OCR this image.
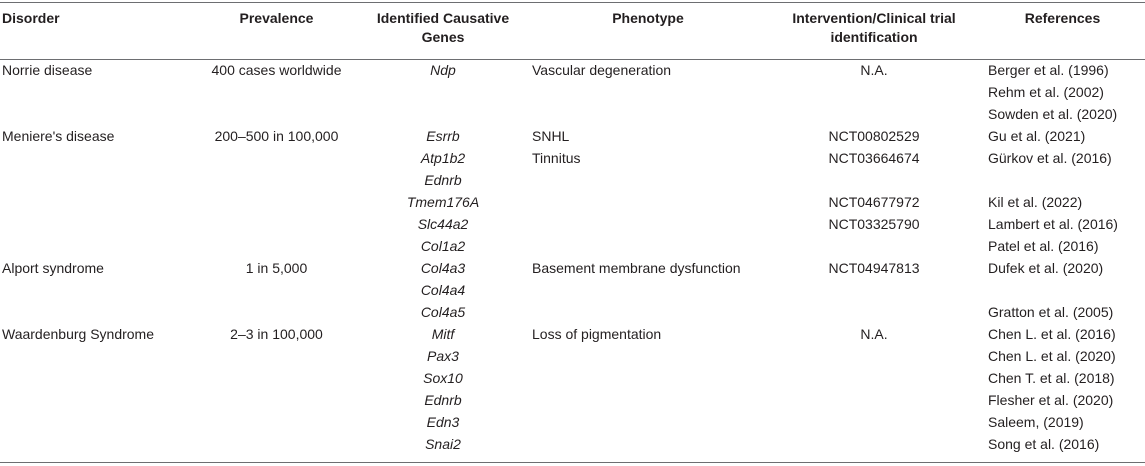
Disorder	Prevalence	Identified Causative Genes	Phenotype	Intervention/Clinical trial identification	References

Norrie disease	400 cases worldwide	Ndp	Vascular degeneration	N.A.	Berger et al. (1996)
					Rehm et al. (2002)
					Sowden et al. (2020)
Meniere's disease	200–500 in 100,000	Esrrb	SNHL	NCT00802529	Gu et al. (2021)
		Atp1b2	Tinnitus	NCT03664674	Gürkov et al. (2016)
		Ednrb			
		Tmem176A		NCT04677972	Kil et al. (2022)
		Slc44a2		NCT03325790	Lambert et al. (2016)
		Col1a2			Patel et al. (2016)
Alport syndrome	1 in 5,000	Col4a3	Basement membrane dysfunction	NCT04947813	Dufek et al. (2020)
		Col4a4			
		Col4a5			Gratton et al. (2005)
Waardenburg Syndrome	2–3 in 100,000	Mitf	Loss of pigmentation	N.A.	Chen L. et al. (2016)
		Pax3			Chen L. et al. (2020)
		Sox10			Chen T. et al. (2018)
		Ednrb			Flesher et al. (2020)
		Edn3			Saleem, (2019)
		Snai2			Song et al. (2016)
